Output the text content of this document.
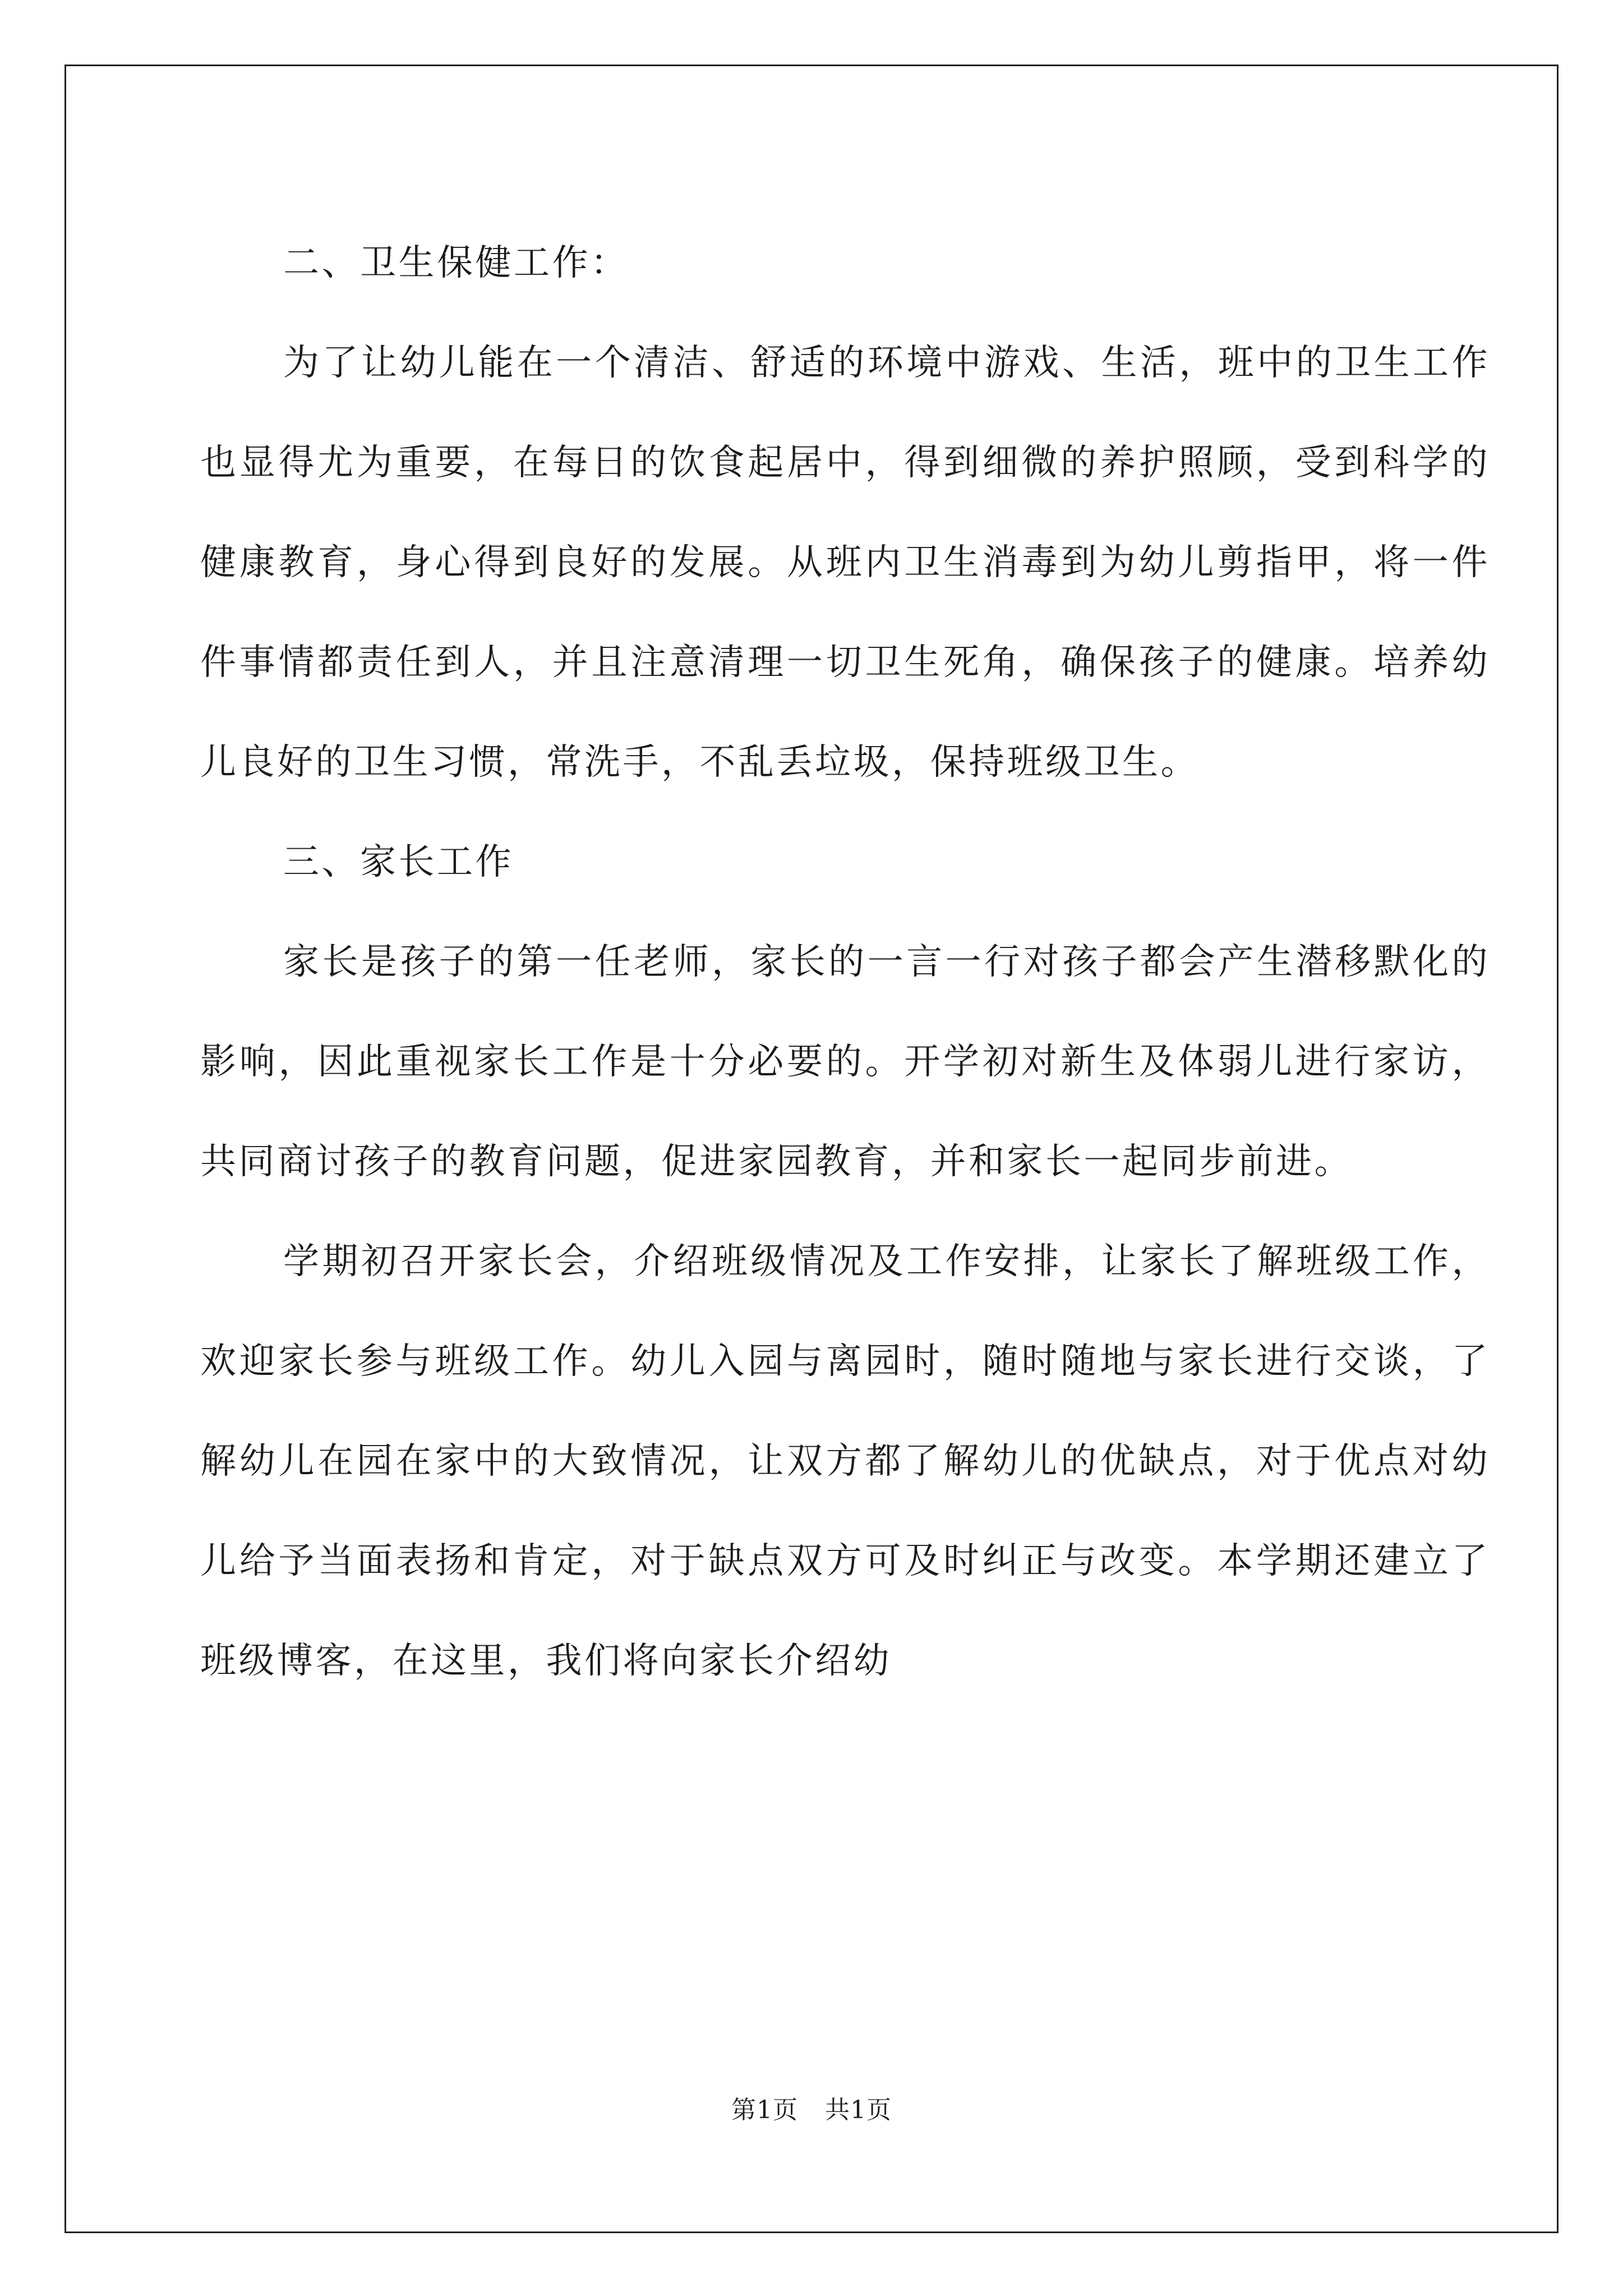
二、卫生保健工作：

为了让幼儿能在一个清洁、舒适的环境中游戏、生活，班中的卫生工作也显得尤为重要，在每日的饮食起居中，得到细微的养护照顾，受到科学的健康教育，身心得到良好的发展。从班内卫生消毒到为幼儿剪指甲，将一件件事情都责任到人，并且注意清理一切卫生死角，确保孩子的健康。培养幼儿良好的卫生习惯，常洗手，不乱丢垃圾，保持班级卫生。

三、家长工作

家长是孩子的第一任老师，家长的一言一行对孩子都会产生潜移默化的影响，因此重视家长工作是十分必要的。开学初对新生及体弱儿进行家访，共同商讨孩子的教育问题，促进家园教育，并和家长一起同步前进。

学期初召开家长会，介绍班级情况及工作安排，让家长了解班级工作，欢迎家长参与班级工作。幼儿入园与离园时，随时随地与家长进行交谈，了解幼儿在园在家中的大致情况，让双方都了解幼儿的优缺点，对于优点对幼儿给予当面表扬和肯定，对于缺点双方可及时纠正与改变。本学期还建立了班级博客，在这里，我们将向家长介绍幼

第1页 共1页
